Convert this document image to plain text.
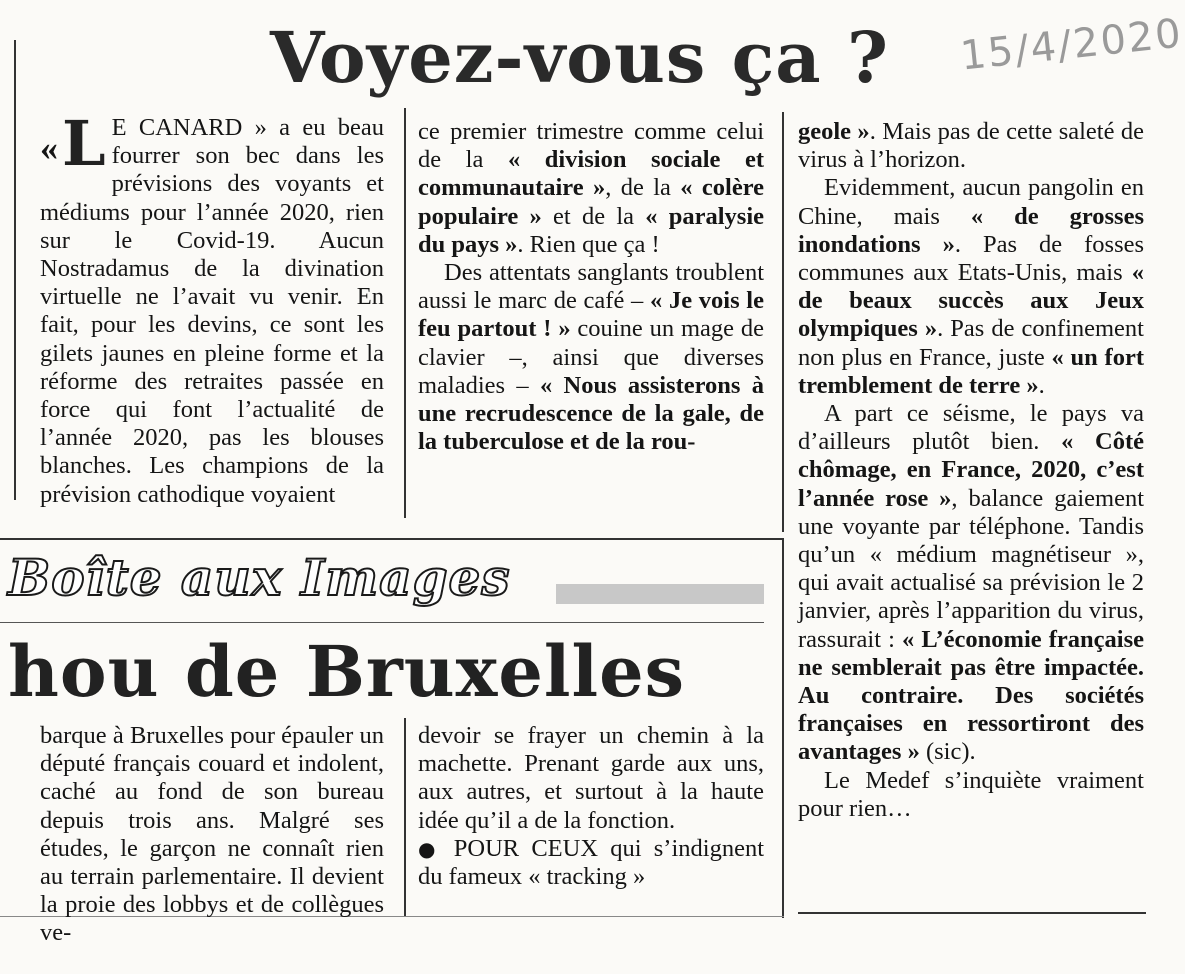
Voyez-vous ça ?	15/4/2020

« L E CANARD » a eu beau fourrer son bec dans les prévisions des voyants et médiums pour l’année 2020, rien sur le Covid-19. Aucun Nostradamus de la divination virtuelle ne l’avait vu venir. En fait, pour les devins, ce sont les gilets jaunes en pleine forme et la réforme des retraites passée en force qui font l’actualité de l’année 2020, pas les blouses blanches. Les champions de la prévision cathodique voyaient

ce premier trimestre comme celui de la « division sociale et communautaire », de la « colère populaire » et de la « paralysie du pays ». Rien que ça !

Des attentats sanglants troublent aussi le marc de café – « Je vois le feu partout ! » couine un mage de clavier –, ainsi que diverses maladies – « Nous assisterons à une recrudescence de la gale, de la tuberculose et de la rou-

geole ». Mais pas de cette saleté de virus à l’horizon.

Evidemment, aucun pangolin en Chine, mais « de grosses inondations ». Pas de fosses communes aux Etats-Unis, mais « de beaux succès aux Jeux olympiques ». Pas de confinement non plus en France, juste « un fort tremblement de terre ».

A part ce séisme, le pays va d’ailleurs plutôt bien. « Côté chômage, en France, 2020, c’est l’année rose », balance gaiement une voyante par téléphone. Tandis qu’un « médium magnétiseur », qui avait actualisé sa prévision le 2 janvier, après l’apparition du virus, rassurait : « L’économie française ne semblerait pas être impactée. Au contraire. Des sociétés françaises en ressortiront des avantages » (sic).

Le Medef s’inquiète vraiment pour rien…

Boîte aux Images
hou de Bruxelles

barque à Bruxelles pour épauler un député français couard et indolent, caché au fond de son bureau depuis trois ans. Malgré ses études, le garçon ne connaît rien au terrain parlementaire. Il devient la proie des lobbys et de collègues ve-

devoir se frayer un chemin à la machette. Prenant garde aux uns, aux autres, et surtout à la haute idée qu’il a de la fonction.

● POUR CEUX qui s’indignent du fameux « tracking »
